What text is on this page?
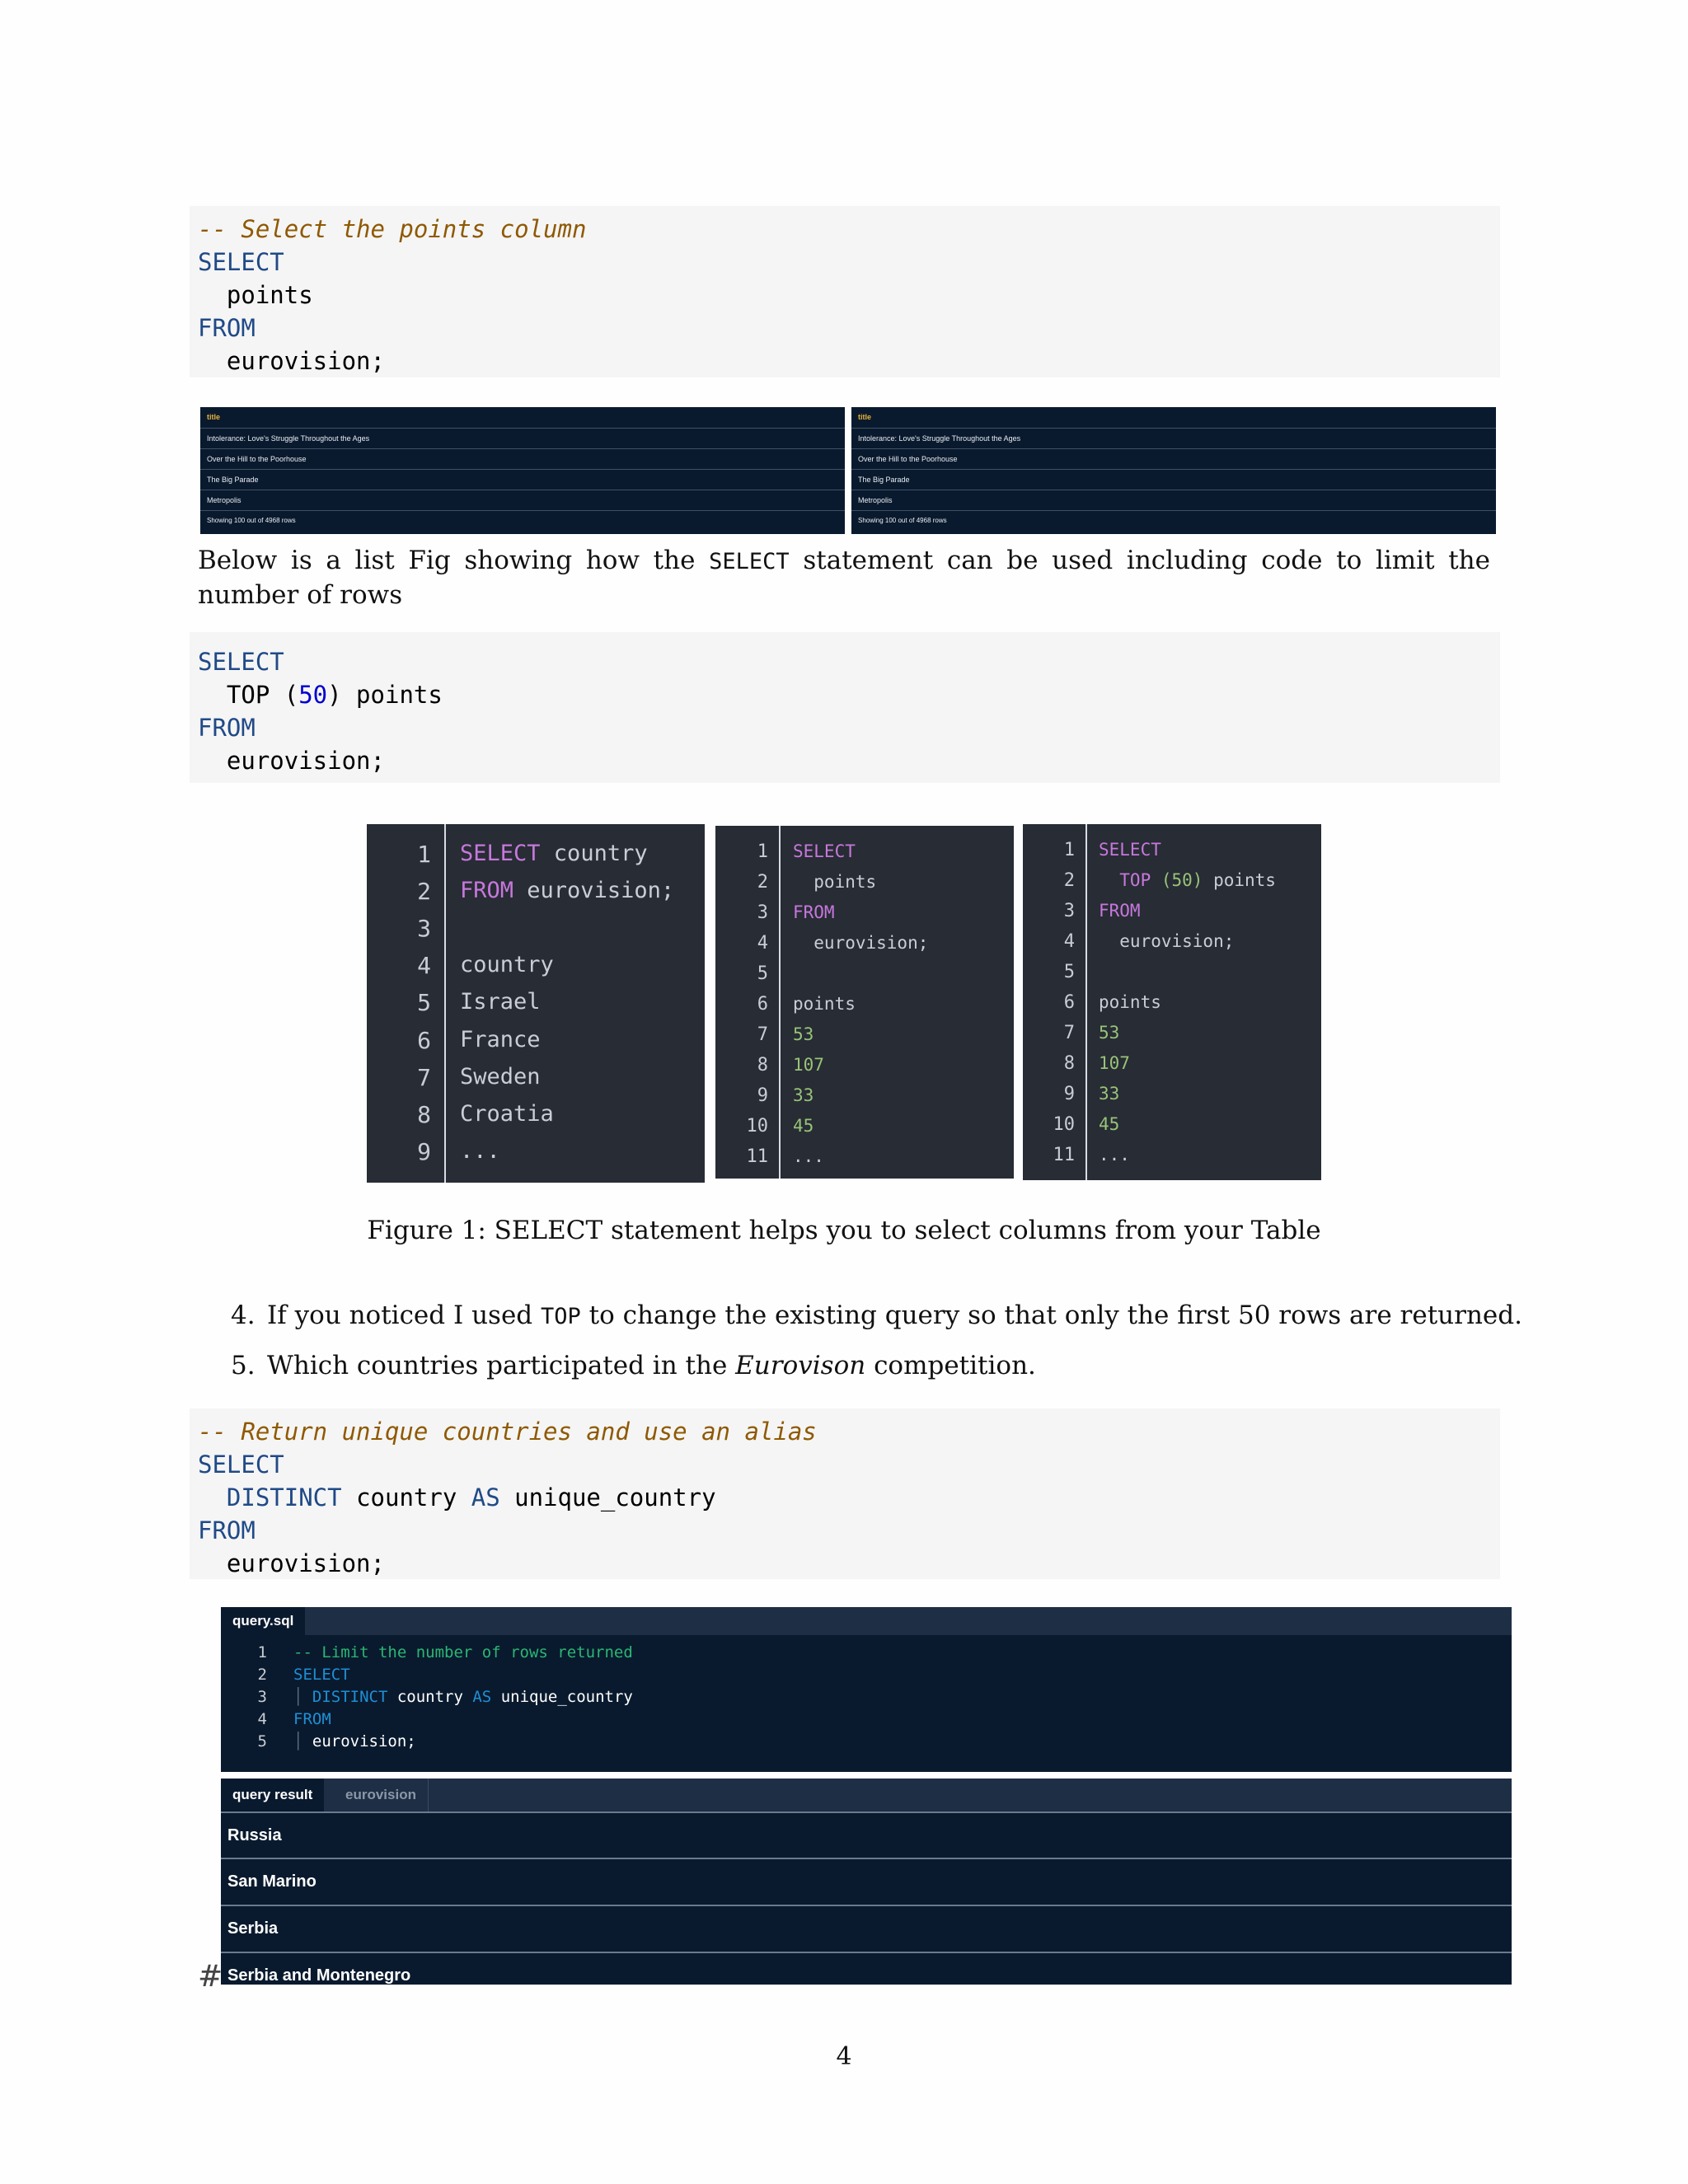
-- Select the points column
SELECT
points
FROM
eurovision;
title
Intolerance: Love's Struggle Throughout the Ages
Over the Hill to the Poorhouse
The Big Parade
Metropolis
Showing 100 out of 4968 rows
title
Intolerance: Love's Struggle Throughout the Ages
Over the Hill to the Poorhouse
The Big Parade
Metropolis
Showing 100 out of 4968 rows
Below is a list Fig showing how the SELECT statement can be used including code to limit the number of rows
SELECT
TOP (50) points
FROM
eurovision;
1
2
3
4
5
6
7
8
9
SELECT country
FROM eurovision;
country
Israel
France
Sweden
Croatia
...
1
2
3
4
5
6
7
8
9
10
11
SELECT
points
FROM
eurovision;
points
53
107
33
45
...
1
2
3
4
5
6
7
8
9
10
11
SELECT
TOP (50) points
FROM
eurovision;
points
53
107
33
45
...
Figure 1: SELECT statement helps you to select columns from your Table
4. If you noticed I used TOP to change the existing query so that only the first 50 rows are returned.
5. Which countries participated in the Eurovison competition.
-- Return unique countries and use an alias
SELECT
DISTINCT country AS unique_country
FROM
eurovision;
query.sql
1 -- Limit the number of rows returned
2 SELECT
3 │ DISTINCT country AS unique_country
4 FROM
5 │ eurovision;
query result	eurovision
Russia
San Marino
Serbia
Serbia and Montenegro
#
4
